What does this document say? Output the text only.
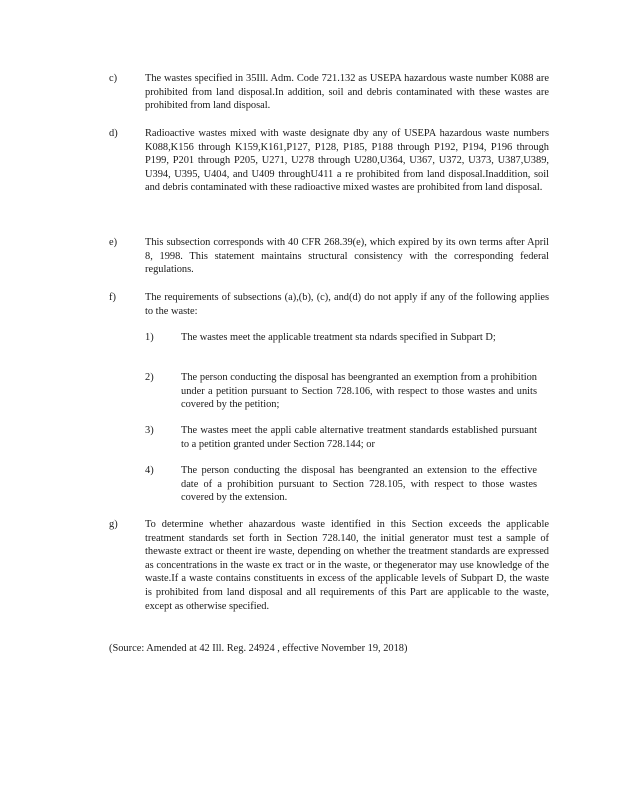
c)	The wastes specified in 35Ill. Adm. Code 721.132 as USEPA hazardous waste number K088 are prohibited from land disposal.In addition, soil and debris contaminated with these wastes are prohibited from land disposal.
d)	Radioactive wastes mixed with waste designate dby any of USEPA hazardous waste numbers K088,K156 through K159,K161,P127, P128, P185, P188 through P192, P194, P196 through P199, P201 through P205, U271, U278 through U280,U364, U367, U372, U373, U387,U389, U394, U395, U404, and U409 throughU411 a re prohibited from land disposal.Inaddition, soil and debris contaminated with these radioactive mixed wastes are prohibited from land disposal.
e)	This subsection corresponds with 40 CFR 268.39(e), which expired by its own terms after April 8, 1998. This statement maintains structural consistency with the corresponding federal regulations.
f)	The requirements of subsections (a),(b), (c), and(d) do not apply if any of the following applies to the waste:
1)	The wastes meet the applicable treatment sta ndards specified in Subpart D;
2)	The person conducting the disposal has beengranted an exemption from a prohibition under a petition pursuant to Section 728.106, with respect to those wastes and units covered by the petition;
3)	The wastes meet the appli cable alternative treatment standards established pursuant to a petition granted under Section 728.144; or
4)	The person conducting the disposal has beengranted an extension to the effective date of a prohibition pursuant to Section 728.105, with respect to those wastes covered by the extension.
g)	To determine whether ahazardous waste identified in this Section exceeds the applicable treatment standards set forth in Section 728.140, the initial generator must test a sample of thewaste extract or theent ire waste, depending on whether the treatment standards are expressed as concentrations in the waste ex tract or in the waste, or thegenerator may use knowledge of the waste.If a waste contains constituents in excess of the applicable levels of Subpart D, the waste is prohibited from land disposal and all requirements of this Part are applicable to the waste, except as otherwise specified.
(Source: Amended at 42 Ill. Reg. 24924 , effective November 19, 2018)
